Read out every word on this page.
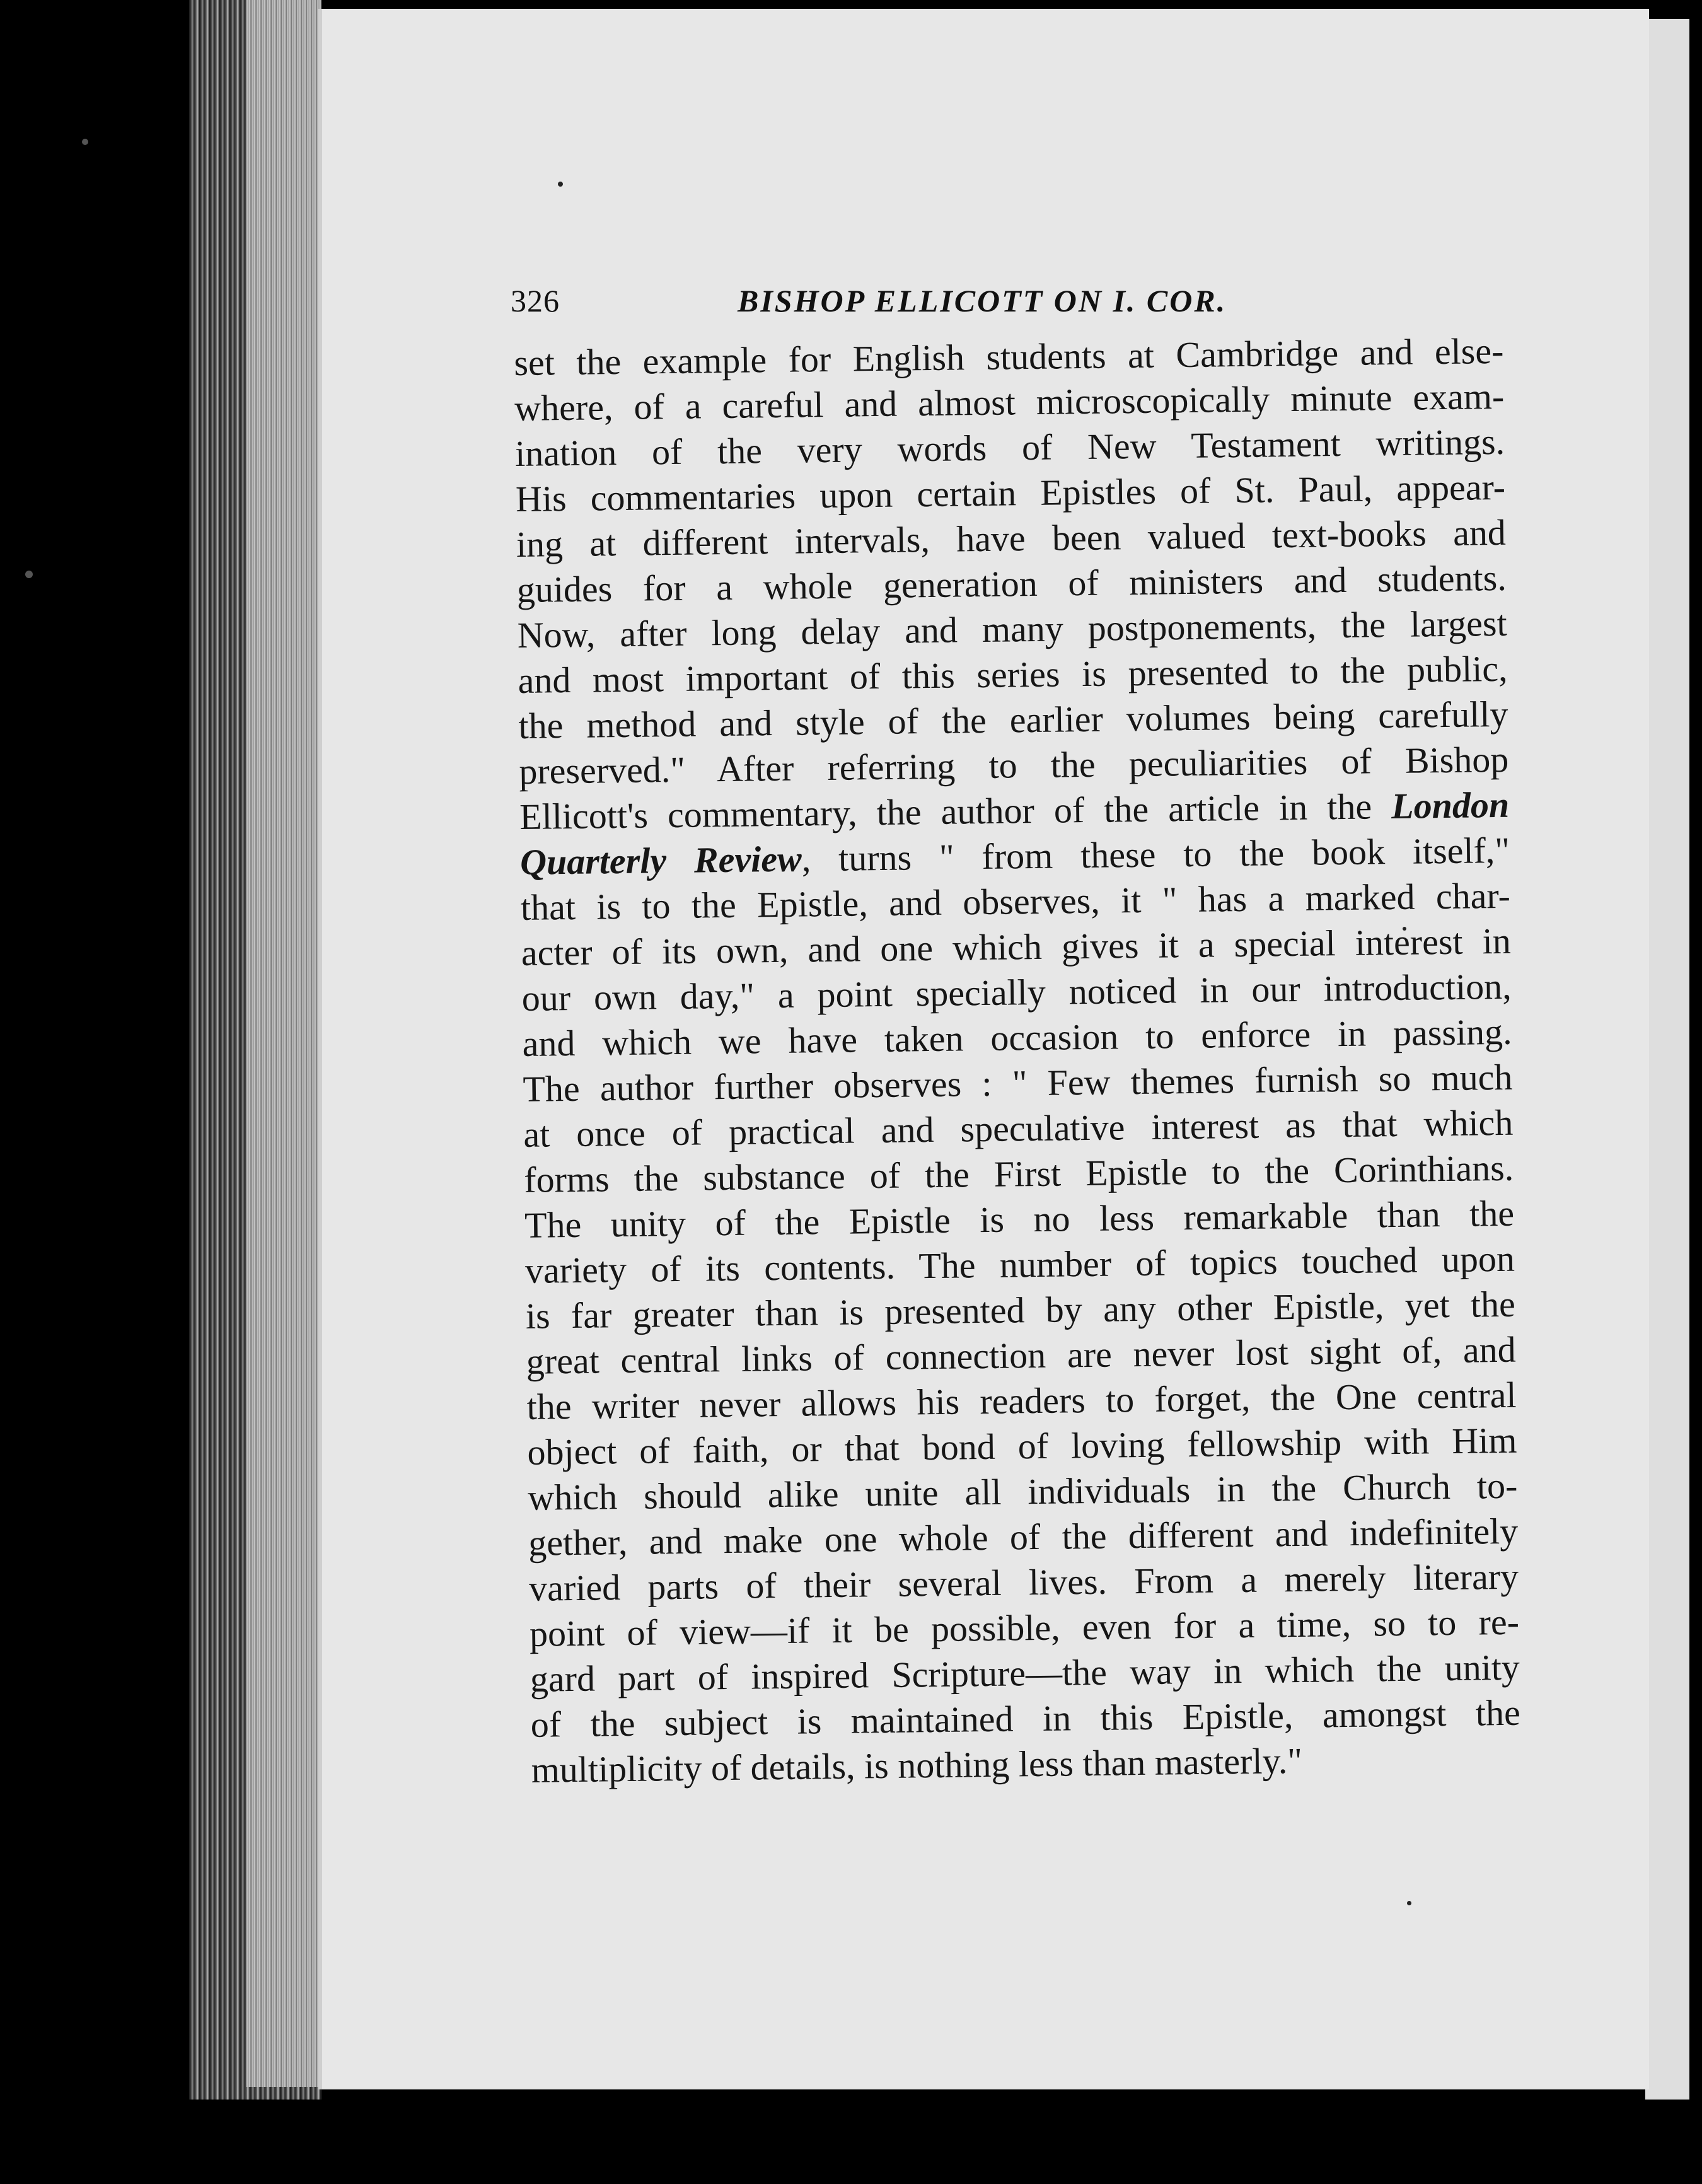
326	BISHOP ELLICOTT ON I. COR.
set the example for English students at Cambridge and else-
where, of a careful and almost microscopically minute exam-
ination of the very words of New Testament writings.
His commentaries upon certain Epistles of St. Paul, appear-
ing at different intervals, have been valued text-books and
guides for a whole generation of ministers and students.
Now, after long delay and many postponements, the largest
and most important of this series is presented to the public,
the method and style of the earlier volumes being carefully
preserved." After referring to the peculiarities of Bishop
Ellicott's commentary, the author of the article in the London
Quarterly Review, turns " from these to the book itself,"
that is to the Epistle, and observes, it " has a marked char-
acter of its own, and one which gives it a special interest in
our own day," a point specially noticed in our introduction,
and which we have taken occasion to enforce in passing.
The author further observes : " Few themes furnish so much
at once of practical and speculative interest as that which
forms the substance of the First Epistle to the Corinthians.
The unity of the Epistle is no less remarkable than the
variety of its contents. The number of topics touched upon
is far greater than is presented by any other Epistle, yet the
great central links of connection are never lost sight of, and
the writer never allows his readers to forget, the One central
object of faith, or that bond of loving fellowship with Him
which should alike unite all individuals in the Church to-
gether, and make one whole of the different and indefinitely
varied parts of their several lives. From a merely literary
point of view—if it be possible, even for a time, so to re-
gard part of inspired Scripture—the way in which the unity
of the subject is maintained in this Epistle, amongst the
multiplicity of details, is nothing less than masterly."
